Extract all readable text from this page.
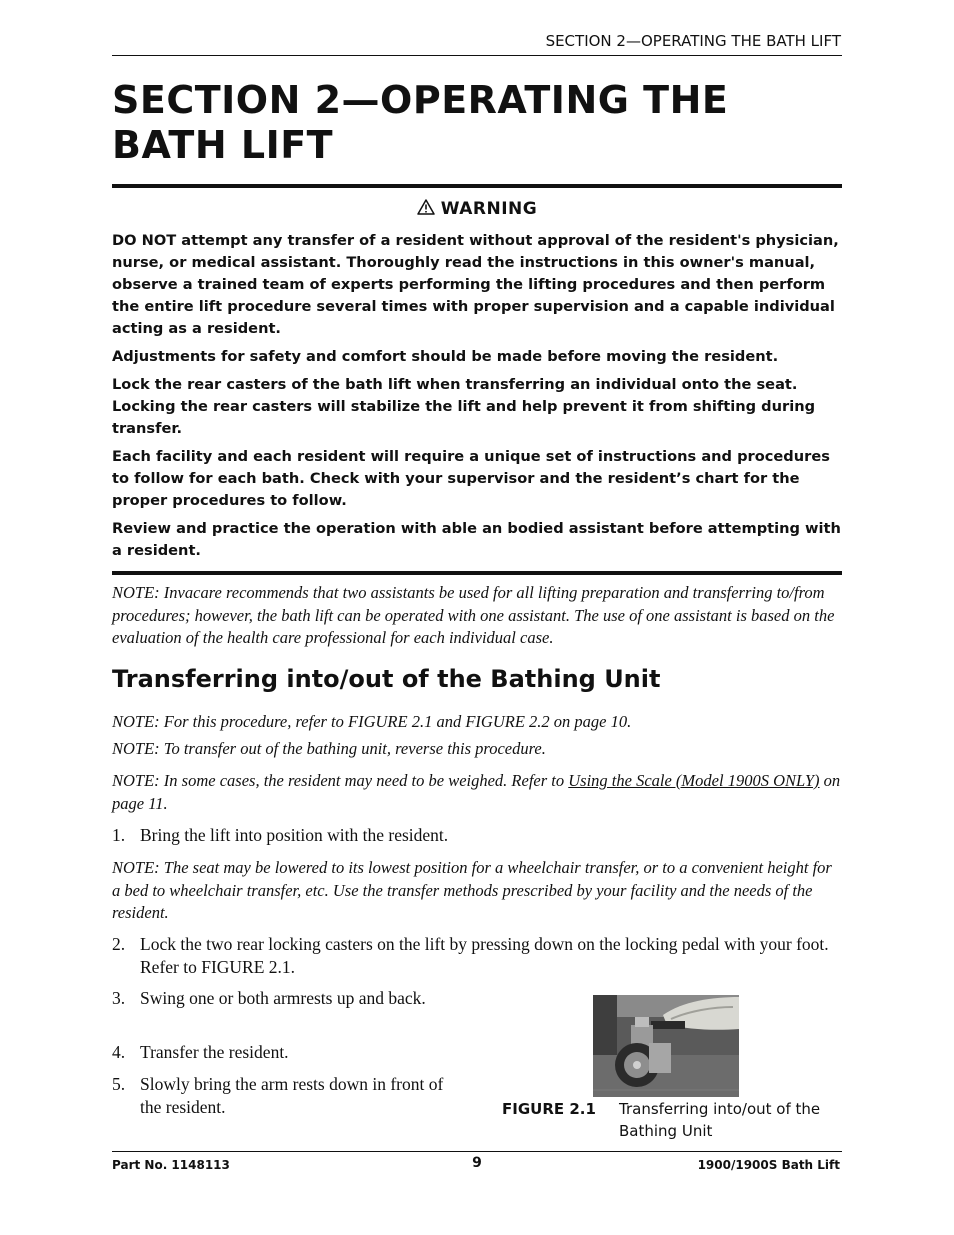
SECTION 2—OPERATING THE BATH LIFT
SECTION 2—OPERATING THE
BATH LIFT
WARNING

DO NOT attempt any transfer of a resident without approval of the resident's physician, nurse, or medical assistant. Thoroughly read the instructions in this owner's manual, observe a trained team of experts performing the lifting procedures and then perform the entire lift procedure several times with proper supervision and a capable individual acting as a resident.

Adjustments for safety and comfort should be made before moving the resident.

Lock the rear casters of the bath lift when transferring an individual onto the seat. Locking the rear casters will stabilize the lift and help prevent it from shifting during transfer.

Each facility and each resident will require a unique set of instructions and procedures to follow for each bath. Check with your supervisor and the resident’s chart for the proper procedures to follow.

Review and practice the operation with able an bodied assistant before attempting with a resident.

NOTE: Invacare recommends that two assistants be used for all lifting preparation and transferring to/from procedures; however, the bath lift can be operated with one assistant. The use of one assistant is based on the evaluation of the health care professional for each individual case.

Transferring into/out of the Bathing Unit

NOTE: For this procedure, refer to FIGURE 2.1 and FIGURE 2.2 on page 10.

NOTE: To transfer out of the bathing unit, reverse this procedure.

NOTE: In some cases, the resident may need to be weighed. Refer to Using the Scale (Model 1900S ONLY) on page 11.

1. Bring the lift into position with the resident.

NOTE: The seat may be lowered to its lowest position for a wheelchair transfer, or to a convenient height for a bed to wheelchair transfer, etc. Use the transfer methods prescribed by your facility and the needs of the resident.

2. Lock the two rear locking casters on the lift by pressing down on the locking pedal with your foot. Refer to FIGURE 2.1.
3. Swing one or both armrests up and back.
4. Transfer the resident.
5. Slowly bring the arm rests down in front of the resident.	FIGURE 2.1 Transferring into/out of the Bathing Unit
Part No. 1148113	9	1900/1900S Bath Lift
